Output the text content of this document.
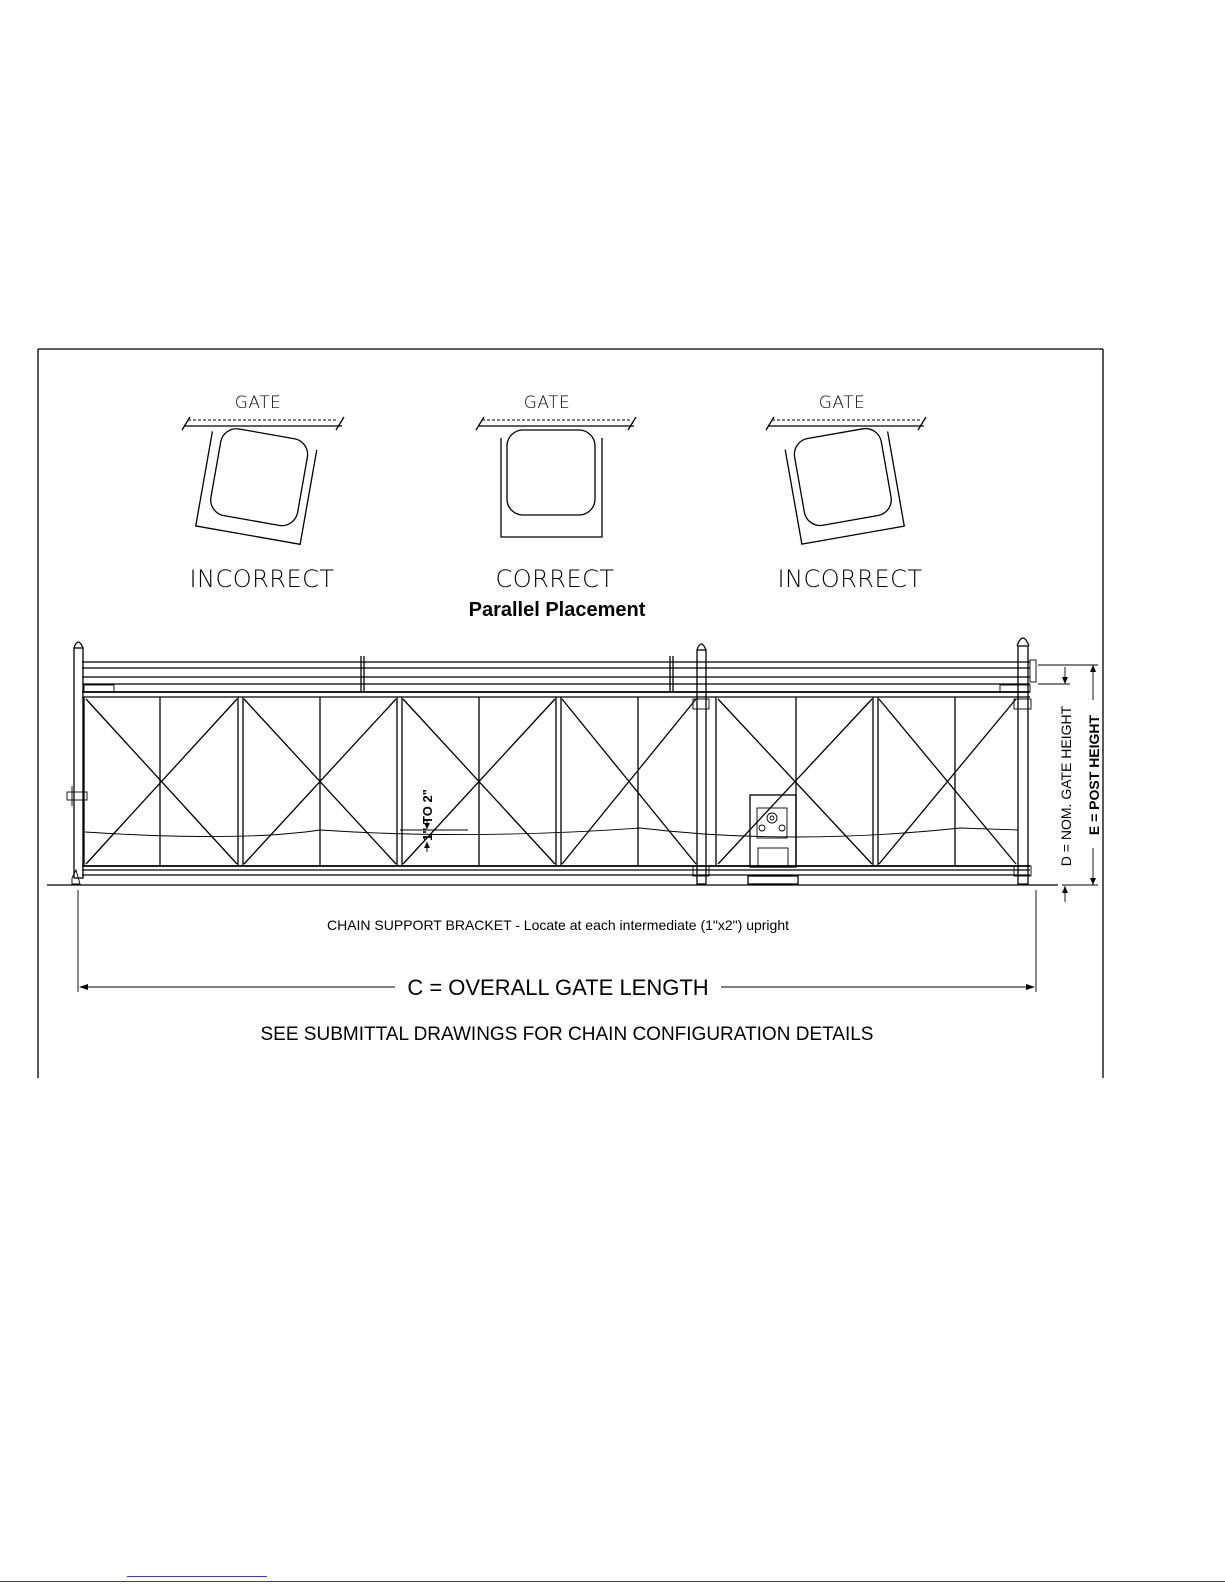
GATE
INCORRECT
GATE
CORRECT
GATE
INCORRECT
Parallel Placement
1" TO 2"	D = NOM. GATE HEIGHT E = POST HEIGHT
CHAIN SUPPORT BRACKET - Locate at each intermediate (1"x2") upright
C = OVERALL GATE LENGTH
SEE SUBMITTAL DRAWINGS FOR CHAIN CONFIGURATION DETAILS
